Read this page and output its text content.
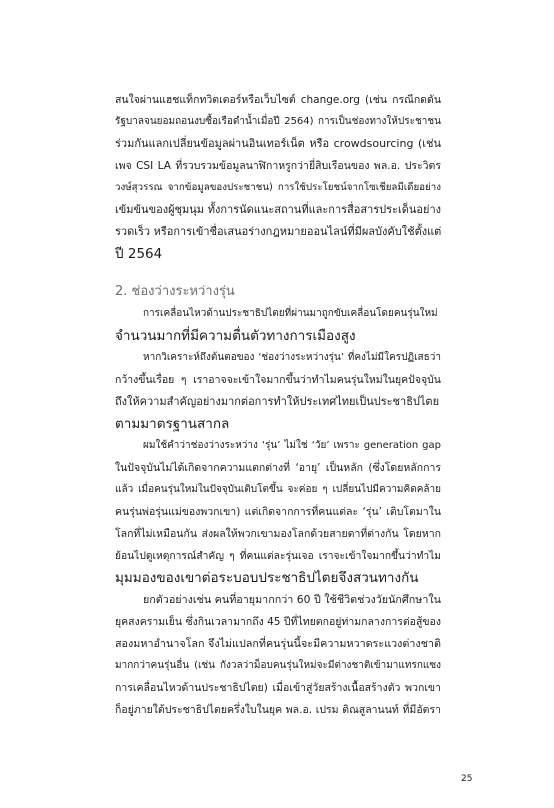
สนใจผ่านแฮชแท็กทวิตเตอร์หรือเว็บไซต์ change.org (เช่น กรณีกดดัน
รัฐบาลจนยอมถอนงบซื้อเรือดำน้ำเมื่อปี 2564) การเป็นช่องทางให้ประชาชน
ร่วมกันแลกเปลี่ยนข้อมูลผ่านอินเทอร์เน็ต หรือ crowdsourcing (เช่น
เพจ CSI LA ที่รวบรวมข้อมูลนาฬิกาหรูกว่ายี่สิบเรือนของ พล.อ. ประวิตร
วงษ์สุวรรณ จากข้อมูลของประชาชน) การใช้ประโยชน์จากโซเชียลมีเดียอย่าง
เข้มข้นของผู้ชุมนุม ทั้งการนัดแนะสถานที่และการสื่อสารประเด็นอย่าง
รวดเร็ว หรือการเข้าชื่อเสนอร่างกฎหมายออนไลน์ที่มีผลบังคับใช้ตั้งแต่
ปี 2564
2. ช่องว่างระหว่างรุ่น
การเคลื่อนไหวด้านประชาธิปไตยที่ผ่านมาถูกขับเคลื่อนโดยคนรุ่นใหม่
จำนวนมากที่มีความตื่นตัวทางการเมืองสูง
หากวิเคราะห์ถึงต้นตอของ ‘ช่องว่างระหว่างรุ่น’ ที่คงไม่มีใครปฏิเสธว่า
กว้างขึ้นเรื่อย ๆ เราอาจจะเข้าใจมากขึ้นว่าทำไมคนรุ่นใหม่ในยุคปัจจุบัน
ถึงให้ความสำคัญอย่างมากต่อการทำให้ประเทศไทยเป็นประชาธิปไตย
ตามมาตรฐานสากล
ผมใช้คำว่าช่องว่างระหว่าง ‘รุ่น’ ไม่ใช่ ‘วัย’ เพราะ generation gap
ในปัจจุบันไม่ได้เกิดจากความแตกต่างที่ ‘อายุ’ เป็นหลัก (ซึ่งโดยหลักการ
แล้ว เมื่อคนรุ่นใหม่ในปัจจุบันเติบโตขึ้น จะค่อย ๆ เปลี่ยนไปมีความคิดคล้าย
คนรุ่นพ่อรุ่นแม่ของพวกเขา) แต่เกิดจากการที่คนแต่ละ ‘รุ่น’ เติบโตมาใน
โลกที่ไม่เหมือนกัน ส่งผลให้พวกเขามองโลกด้วยสายตาที่ต่างกัน โดยหาก
ย้อนไปดูเหตุการณ์สำคัญ ๆ ที่คนแต่ละรุ่นเจอ เราจะเข้าใจมากขึ้นว่าทำไม
มุมมองของเขาต่อระบอบประชาธิปไตยจึงสวนทางกัน
ยกตัวอย่างเช่น คนที่อายุมากกว่า 60 ปี ใช้ชีวิตช่วงวัยนักศึกษาใน
ยุคสงครามเย็น ซึ่งกินเวลามากถึง 45 ปีที่ไทยตกอยู่ท่ามกลางการต่อสู้ของ
สองมหาอำนาจโลก จึงไม่แปลกที่คนรุ่นนี้จะมีความหวาดระแวงต่างชาติ
มากกว่าคนรุ่นอื่น (เช่น กังวลว่าม็อบคนรุ่นใหม่จะมีต่างชาติเข้ามาแทรกแซง
การเคลื่อนไหวด้านประชาธิปไตย) เมื่อเข้าสู่วัยสร้างเนื้อสร้างตัว พวกเขา
ก็อยู่ภายใต้ประชาธิปไตยครึ่งใบในยุค พล.อ. เปรม ติณสูลานนท์ ที่มีอัตรา
25
